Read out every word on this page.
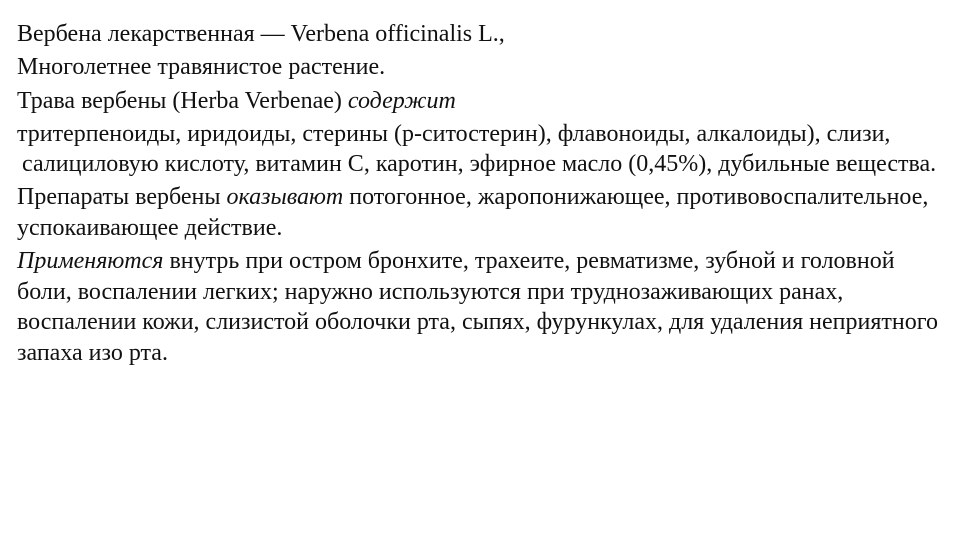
Вербена лекарственная — Verbena officinalis L.,

Многолетнее травянистое растение.

Трава вербены (Herba Verbenae) содержит

тритерпеноиды, иридоиды, стерины (р-ситостерин), флавоноиды, алкалоиды), слизи, салициловую кислоту, витамин С, каротин, эфирное масло (0,45%), дубильные вещества.

Препараты вербены оказывают потогонное, жаропонижающее, противовоспалительное, успокаивающее действие.

Применяются внутрь при остром бронхите, трахеите, ревматизме, зубной и головной боли, воспалении легких; наружно используются при труднозаживающих ранах, воспалении кожи, слизистой оболочки рта, сыпях, фурункулах, для удаления неприятного запаха изо рта.
